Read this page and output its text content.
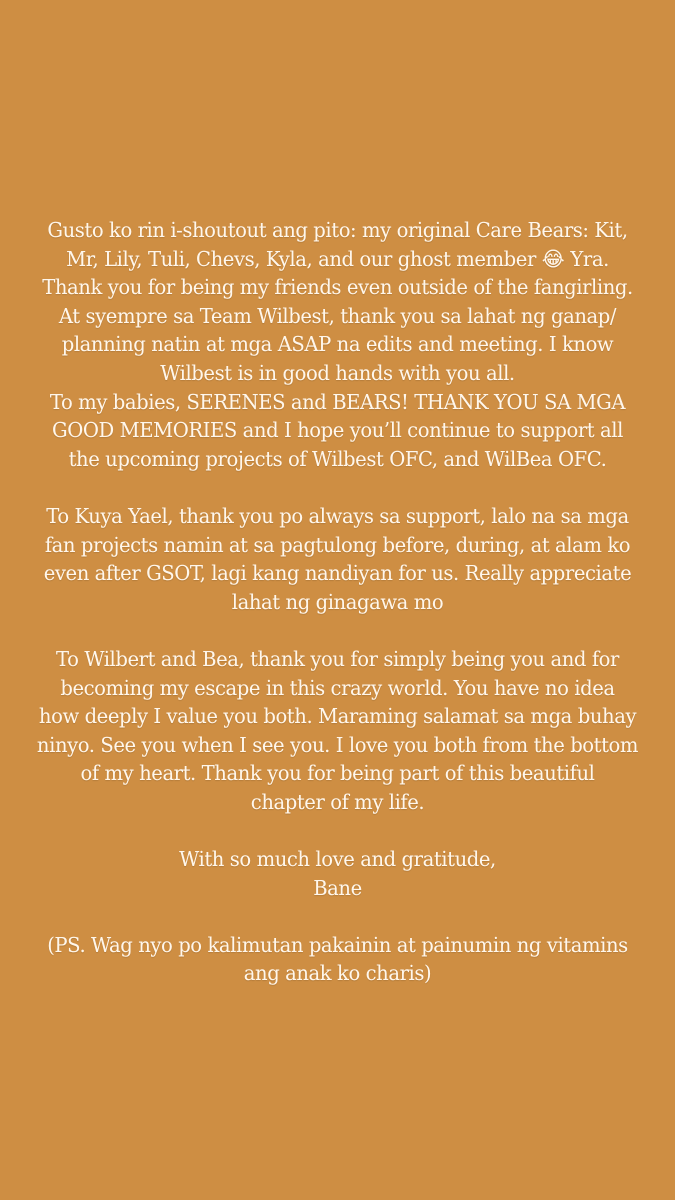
Gusto ko rin i-shoutout ang pito: my original Care Bears: Kit,
Mr, Lily, Tuli, Chevs, Kyla, and our ghost member 😂 Yra.
Thank you for being my friends even outside of the fangirling.
At syempre sa Team Wilbest, thank you sa lahat ng ganap/
planning natin at mga ASAP na edits and meeting. I know
Wilbest is in good hands with you all.
To my babies, SERENES and BEARS! THANK YOU SA MGA
GOOD MEMORIES and I hope you’ll continue to support all
the upcoming projects of Wilbest OFC, and WilBea OFC.

To Kuya Yael, thank you po always sa support, lalo na sa mga
fan projects namin at sa pagtulong before, during, at alam ko
even after GSOT, lagi kang nandiyan for us. Really appreciate
lahat ng ginagawa mo

To Wilbert and Bea, thank you for simply being you and for
becoming my escape in this crazy world. You have no idea
how deeply I value you both. Maraming salamat sa mga buhay
ninyo. See you when I see you. I love you both from the bottom
of my heart. Thank you for being part of this beautiful
chapter of my life.

With so much love and gratitude,
Bane

(PS. Wag nyo po kalimutan pakainin at painumin ng vitamins
ang anak ko charis)
